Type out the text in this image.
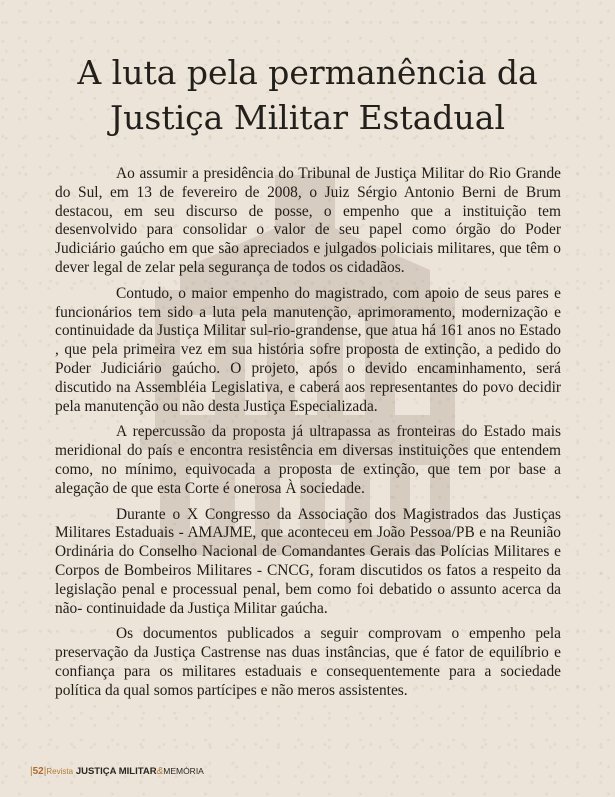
A luta pela permanência da
Justiça Militar Estadual

Ao assumir a presidência do Tribunal de Justiça Militar do Rio Grande do Sul, em 13 de fevereiro de 2008, o Juiz Sérgio Antonio Berni de Brum destacou, em seu discurso de posse, o empenho que a instituição tem desenvolvido para consolidar o valor de seu papel como órgão do Poder Judiciário gaúcho em que são apreciados e julgados policiais militares, que têm o dever legal de zelar pela segurança de todos os cidadãos.

Contudo, o maior empenho do magistrado, com apoio de seus pares e funcionários tem sido a luta pela manutenção, aprimoramento, modernização e continuidade da Justiça Militar sul-rio-grandense, que atua há 161 anos no Estado , que pela primeira vez em sua história sofre proposta de extinção, a pedido do Poder Judiciário gaúcho. O projeto, após o devido encaminhamento, será discutido na Assembléia Legislativa, e caberá aos representantes do povo decidir pela manutenção ou não desta Justiça Especializada.

A repercussão da proposta já ultrapassa as fronteiras do Estado mais meridional do país e encontra resistência em diversas instituições que entendem como, no mínimo, equivocada a proposta de extinção, que tem por base a alegação de que esta Corte é onerosa À sociedade.

Durante o X Congresso da Associação dos Magistrados das Justiças Militares Estaduais - AMAJME, que aconteceu em João Pessoa/PB e na Reunião Ordinária do Conselho Nacional de Comandantes Gerais das Polícias Militares e Corpos de Bombeiros Militares - CNCG, foram discutidos os fatos a respeito da legislação penal e processual penal, bem como foi debatido o assunto acerca da não- continuidade da Justiça Militar gaúcha.

Os documentos publicados a seguir comprovam o empenho pela preservação da Justiça Castrense nas duas instâncias, que é fator de equilíbrio e confiança para os militares estaduais e consequentemente para a sociedade política da qual somos partícipes e não meros assistentes.

|52|Revista JUSTIÇA MILITAR&MEMÓRIA
